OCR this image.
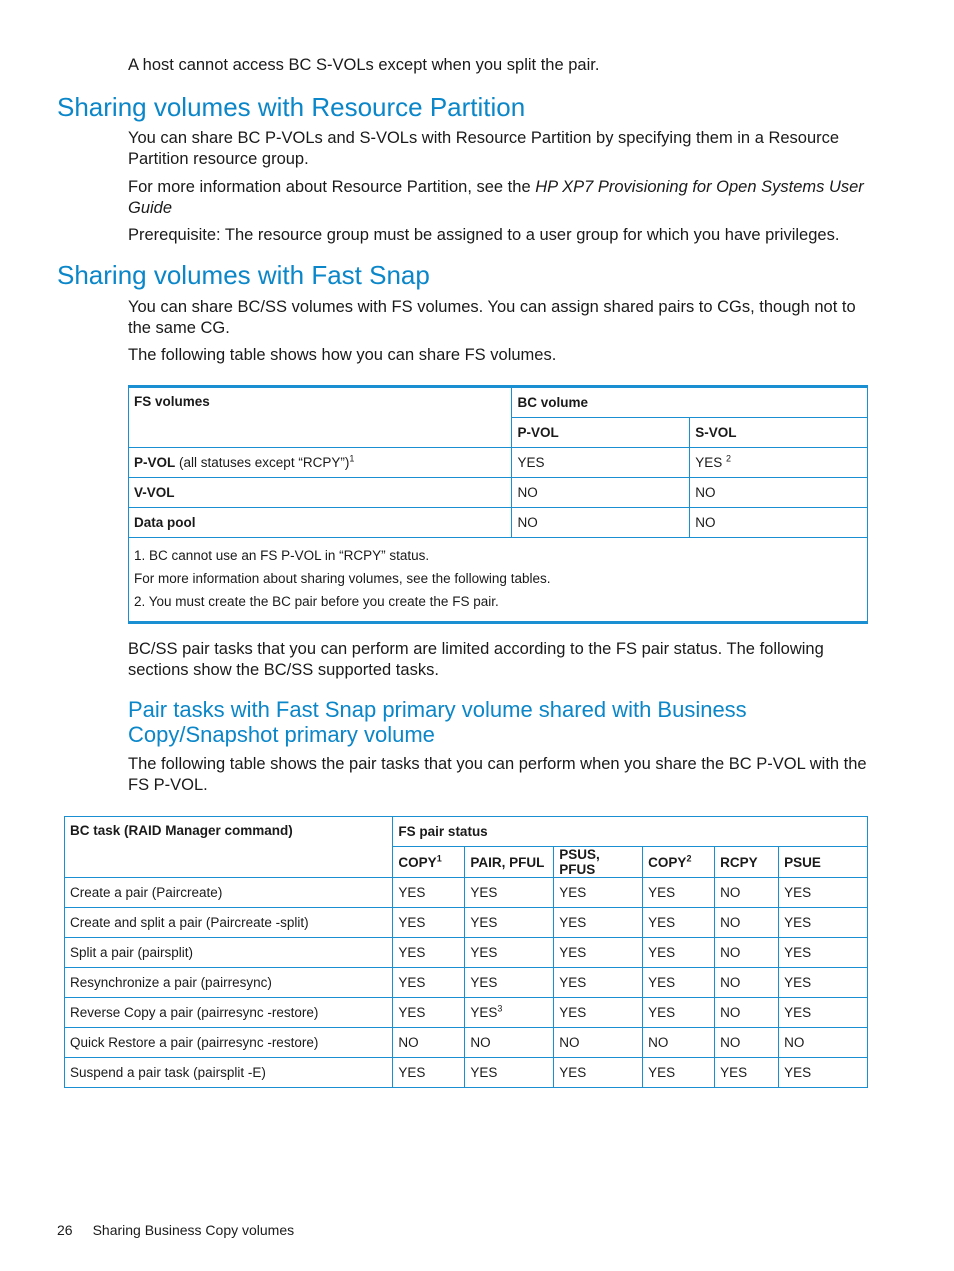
A host cannot access BC S-VOLs except when you split the pair.

Sharing volumes with Resource Partition

You can share BC P-VOLs and S-VOLs with Resource Partition by specifying them in a Resource Partition resource group.

For more information about Resource Partition, see the HP XP7 Provisioning for Open Systems User Guide

Prerequisite: The resource group must be assigned to a user group for which you have privileges.

Sharing volumes with Fast Snap

You can share BC/SS volumes with FS volumes. You can assign shared pairs to CGs, though not to the same CG.

The following table shows how you can share FS volumes.

FS volumes	BC volume	
	P-VOL	S-VOL
P-VOL (all statuses except “RCPY”)$^1$	YES	YES $^2$
V-VOL	NO	NO
Data pool	NO	NO

1. BC cannot use an FS P-VOL in “RCPY” status.
For more information about sharing volumes, see the following tables.
2. You must create the BC pair before you create the FS pair.		

BC/SS pair tasks that you can perform are limited according to the FS pair status. The following sections show the BC/SS supported tasks.

Pair tasks with Fast Snap primary volume shared with Business Copy/Snapshot primary volume

The following table shows the pair tasks that you can perform when you share the BC P-VOL with the FS P-VOL.

BC task (RAID Manager command)	FS pair status					
	COPY$^1$	PAIR, PFUL	PSUS, PFUS	COPY$^2$	RCPY	PSUE
Create a pair (Paircreate)	YES	YES	YES	YES	NO	YES
Create and split a pair (Paircreate -split)	YES	YES	YES	YES	NO	YES
Split a pair (pairsplit)	YES	YES	YES	YES	NO	YES
Resynchronize a pair (pairresync)	YES	YES	YES	YES	NO	YES
Reverse Copy a pair (pairresync -restore)	YES	YES$^3$	YES	YES	NO	YES
Quick Restore a pair (pairresync -restore)	NO	NO	NO	NO	NO	NO
Suspend a pair task (pairsplit -E)	YES	YES	YES	YES	YES	YES
26 Sharing Business Copy volumes
